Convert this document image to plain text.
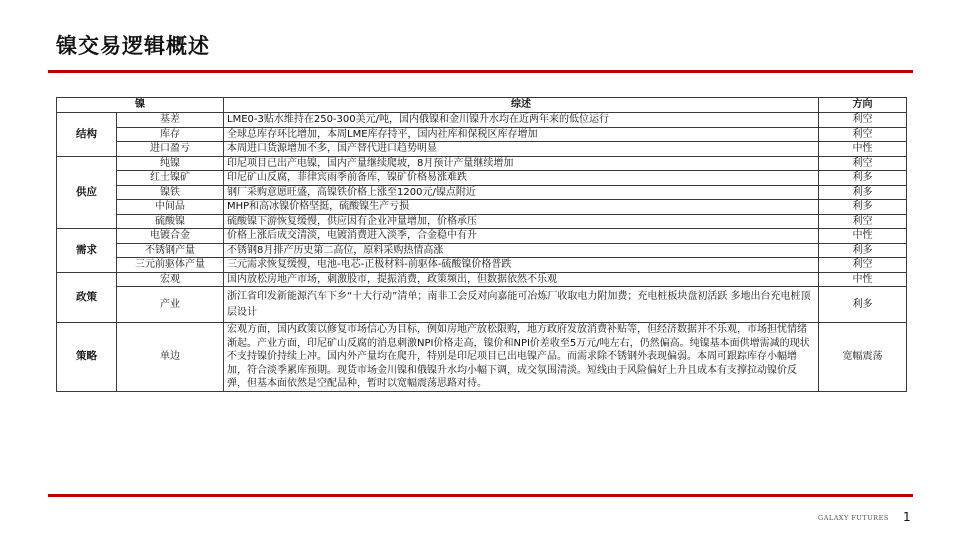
镍交易逻辑概述
镍		综述	方向
结构	基差	LME0-3贴水维持在250-300美元/吨，国内俄镍和金川镍升水均在近两年来的低位运行	利空
	库存	全球总库存环比增加，本周LME库存持平，国内社库和保税区库存增加	利空
	进口盈亏	本周进口货源增加不多，国产替代进口趋势明显	中性
供应	纯镍	印尼项目已出产电镍，国内产量继续爬坡，8月预计产量继续增加	利空
	红土镍矿	印尼矿山反腐，菲律宾雨季前备库，镍矿价格易涨难跌	利多
	镍铁	钢厂采购意愿旺盛，高镍铁价格上涨至1200元/镍点附近	利多
	中间品	MHP和高冰镍价格坚挺，硫酸镍生产亏损	利多
	硫酸镍	硫酸镍下游恢复缓慢，供应因有企业冲量增加，价格承压	利空
需求	电镀合金	价格上涨后成交清淡，电镀消费进入淡季，合金稳中有升	中性
	不锈钢产量	不锈钢8月排产历史第二高位，原料采购热情高涨	利多
	三元前驱体产量	三元需求恢复缓慢，电池-电芯-正极材料-前驱体-硫酸镍价格普跌	利空
政策	宏观	国内放松房地产市场，刺激股市，提振消费，政策频出，但数据依然不乐观	中性
	产业	浙江省印发新能源汽车下乡“十大行动”清单；南非工会反对向嘉能可冶炼厂收取电力附加费；充电桩板块盘初活跃 多地出台充电桩顶层设计	利多
策略	单边	宏观方面，国内政策以修复市场信心为目标，例如房地产放松限购，地方政府发放消费补贴等，但经济数据并不乐观，市场担忧情绪渐起。产业方面，印尼矿山反腐的消息刺激NPI价格走高，镍价和NPI价差收至5万元/吨左右，仍然偏高。纯镍基本面供增需减的现状不支持镍价持续上冲。国内外产量均在爬升，特别是印尼项目已出电镍产品。而需求除不锈钢外表现偏弱。本周可跟踪库存小幅增加，符合淡季累库预期。现货市场金川镍和俄镍升水均小幅下调，成交氛围清淡。短线由于风险偏好上升且成本有支撑拉动镍价反弹，但基本面依然是空配品种，暂时以宽幅震荡思路对待。	宽幅震荡
GALAXY FUTURES 1
